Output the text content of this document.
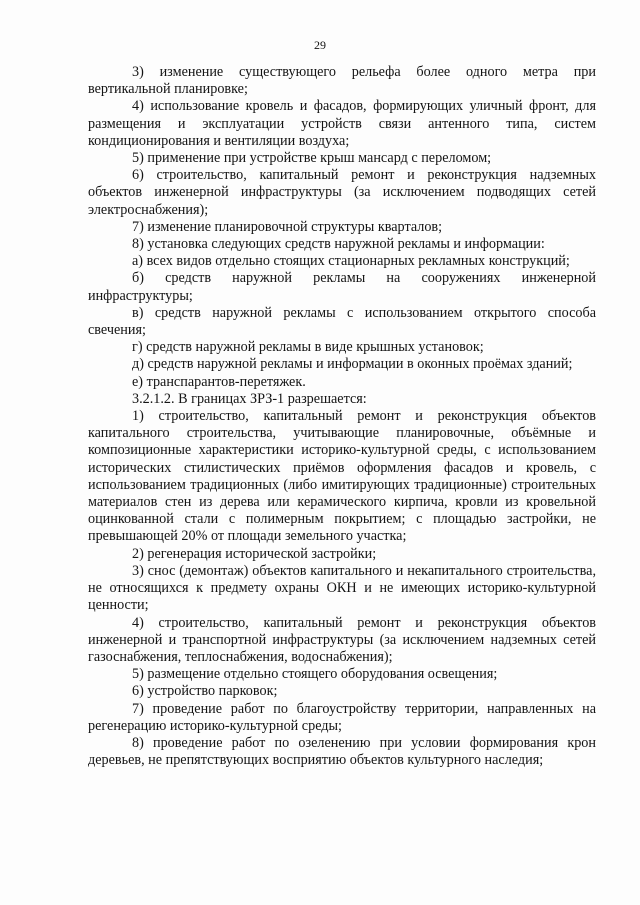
29

3) изменение существующего рельефа более одного метра при вертикальной планировке;

4) использование кровель и фасадов, формирующих уличный фронт, для размещения и эксплуатации устройств связи антенного типа, систем кондиционирования и вентиляции воздуха;

5) применение при устройстве крыш мансард с переломом;

6) строительство, капитальный ремонт и реконструкция надземных объектов инженерной инфраструктуры (за исключением подводящих сетей электроснабжения);

7) изменение планировочной структуры кварталов;

8) установка следующих средств наружной рекламы и информации:

а) всех видов отдельно стоящих стационарных рекламных конструкций;

б) средств наружной рекламы на сооружениях инженерной инфраструктуры;

в) средств наружной рекламы с использованием открытого способа свечения;

г) средств наружной рекламы в виде крышных установок;

д) средств наружной рекламы и информации в оконных проёмах зданий;

е) транспарантов-перетяжек.

3.2.1.2. В границах ЗРЗ-1 разрешается:

1) строительство, капитальный ремонт и реконструкция объектов капитального строительства, учитывающие планировочные, объёмные и композиционные характеристики историко-культурной среды, с использованием исторических стилистических приёмов оформления фасадов и кровель, с использованием традиционных (либо имитирующих традиционные) строительных материалов стен из дерева или керамического кирпича, кровли из кровельной оцинкованной стали с полимерным покрытием; с площадью застройки, не превышающей 20% от площади земельного участка;

2) регенерация исторической застройки;

3) снос (демонтаж) объектов капитального и некапитального строительства, не относящихся к предмету охраны ОКН и не имеющих историко-культурной ценности;

4) строительство, капитальный ремонт и реконструкция объектов инженерной и транспортной инфраструктуры (за исключением надземных сетей газоснабжения, теплоснабжения, водоснабжения);

5) размещение отдельно стоящего оборудования освещения;

6) устройство парковок;

7) проведение работ по благоустройству территории, направленных на регенерацию историко-культурной среды;

8) проведение работ по озеленению при условии формирования крон деревьев, не препятствующих восприятию объектов культурного наследия;
